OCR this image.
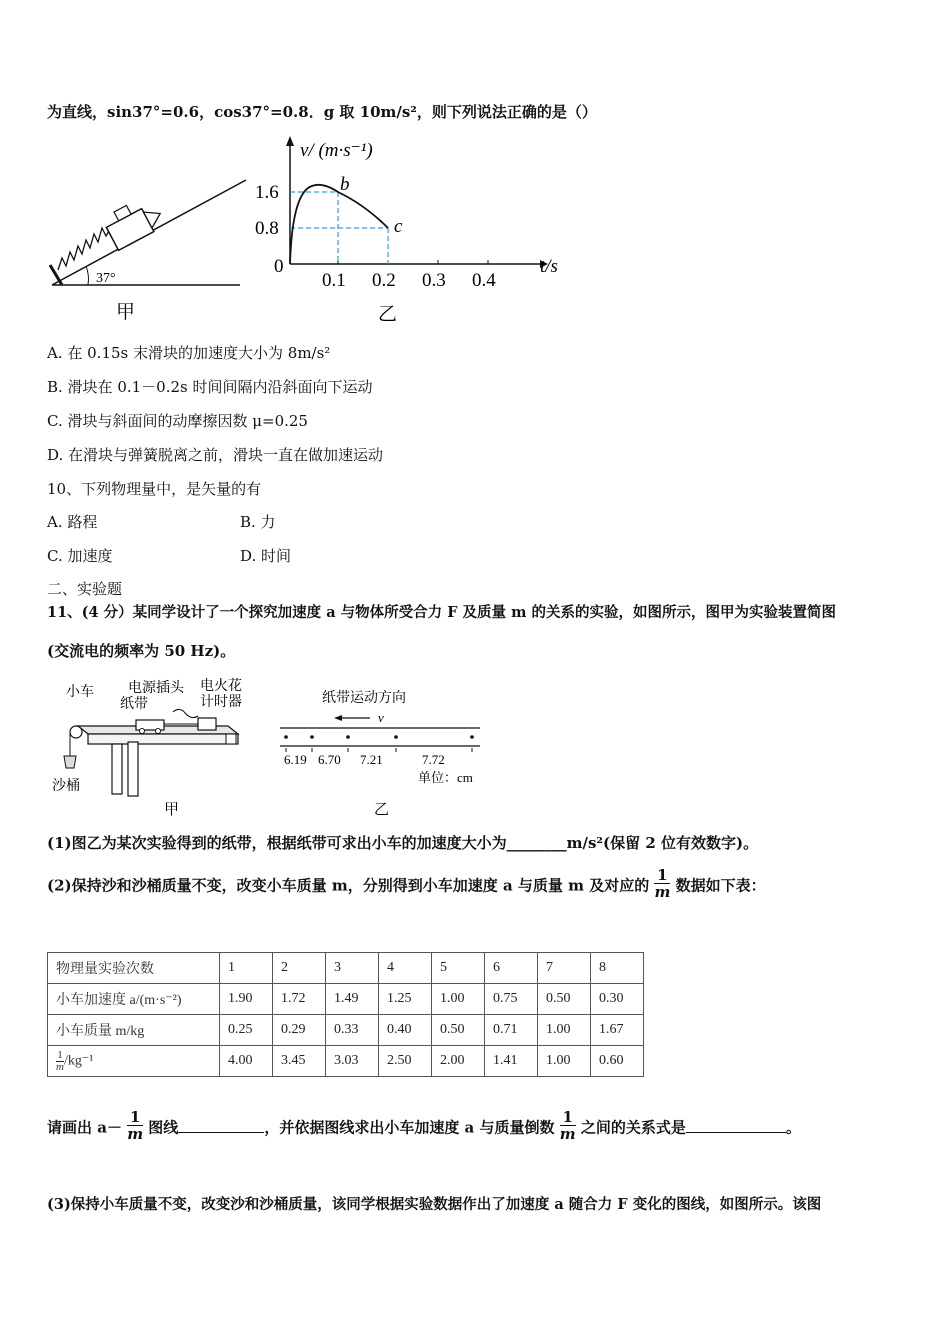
为直线，sin37°=0.6，cos37°=0.8．g 取 10m/s²，则下列说法正确的是（）
37°
甲
v/ (m·s⁻¹)
t/s
0
1.6
0.8
0.1 0.2 0.3 0.4
b
c
乙
A. 在 0.15s 末滑块的加速度大小为 8m/s²
B. 滑块在 0.1－0.2s 时间间隔内沿斜面向下运动
C. 滑块与斜面间的动摩擦因数 μ=0.25
D. 在滑块与弹簧脱离之前，滑块一直在做加速运动
10、下列物理量中，是矢量的有
A. 路程	B. 力
C. 加速度	D. 时间
二、实验题
11、(4 分）某同学设计了一个探究加速度 a 与物体所受合力 F 及质量 m 的关系的实验，如图所示，图甲为实验装置简图
(交流电的频率为 50 Hz)。
小车 电源插头
纸带
电火花
计时器
沙桶
甲
纸带运动方向
v
6.19 6.70 7.21	7.72
单位：cm
乙
(1)图乙为某次实验得到的纸带，根据纸带可求出小车的加速度大小为________m/s²(保留 2 位有效数字)。
(2)保持沙和沙桶质量不变，改变小车质量 m，分别得到小车加速度 a 与质量 m 及对应的 $\frac{1}{m}$ 数据如下表：
物理量实验次数	1	2	3	4	5	6	7	8
小车加速度 a/(m·s⁻²)	1.90	1.72	1.49	1.25	1.00	0.75	0.50	0.30
小车质量 m/kg	0.25	0.29	0.33	0.40	0.50	0.71	1.00	1.67

$\frac{1}{m} /kg^{-1}$	4.00	3.45	3.03	2.50	2.00	1.41	1.00	0.60
请画出 $a- \frac{1}{m}$ 图线	，并依据图线求出小车加速度 a 与质量倒数 $\frac{1}{m}$ 之间的关系式是	。
(3)保持小车质量不变，改变沙和沙桶质量，该同学根据实验数据作出了加速度 a 随合力 F 变化的图线，如图所示。该图
